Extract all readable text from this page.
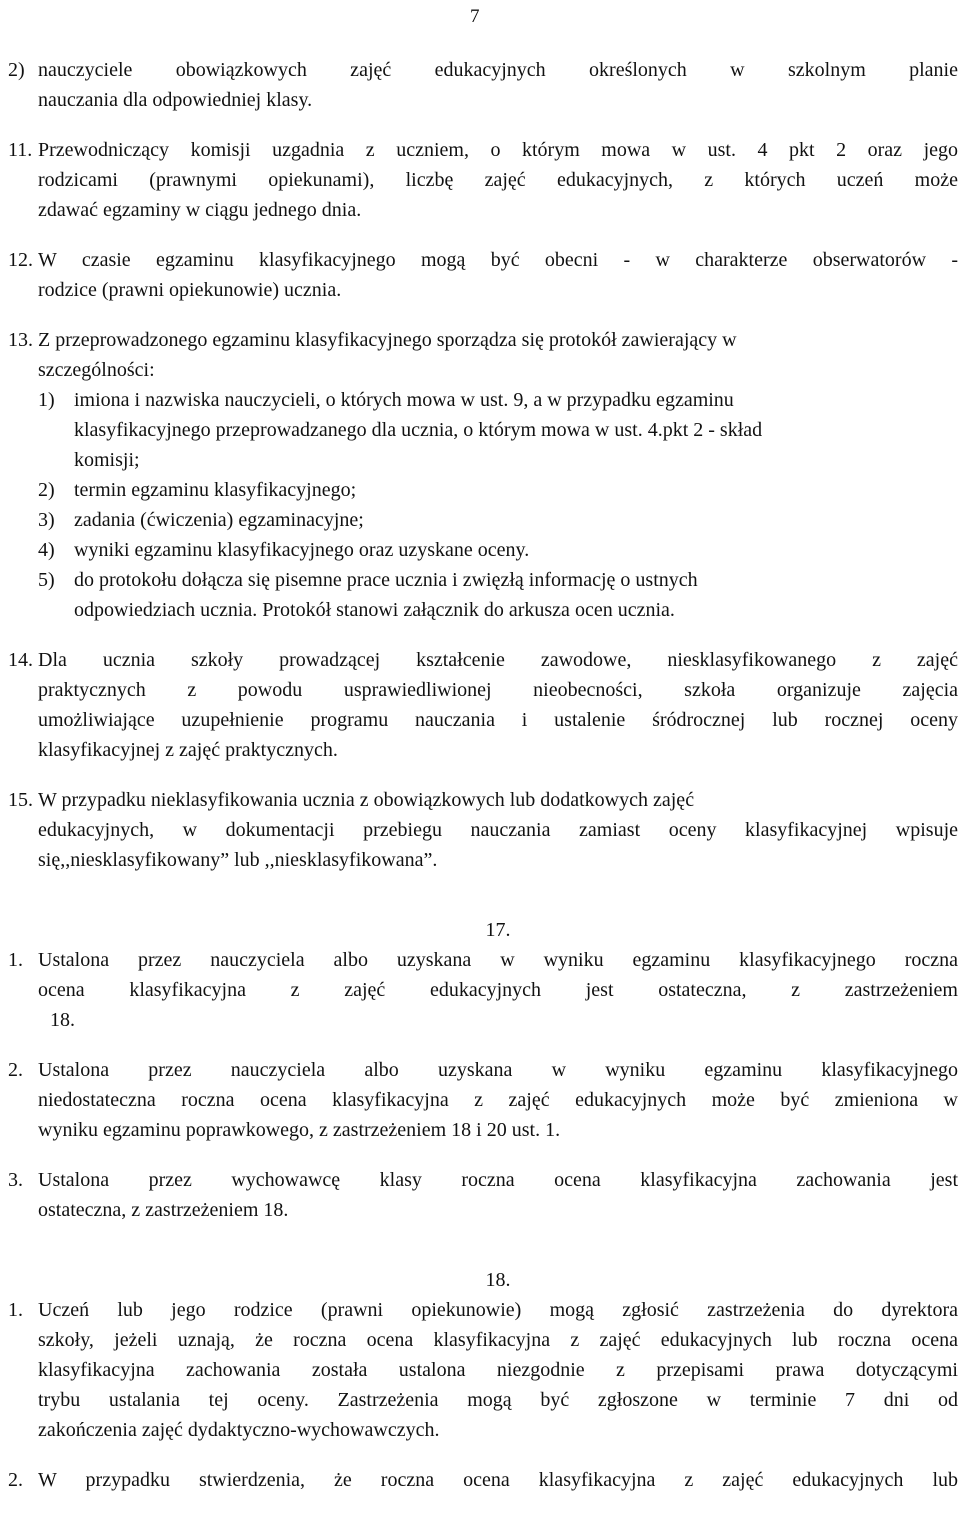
7
2) nauczyciele obowiązkowych zajęć edukacyjnych określonych w szkolnym planie
nauczania dla odpowiedniej klasy.
11. Przewodniczący komisji uzgadnia z uczniem, o którym mowa w ust. 4 pkt 2 oraz jego
rodzicami (prawnymi opiekunami), liczbę zajęć edukacyjnych, z których uczeń może
zdawać egzaminy w ciągu jednego dnia.
12. W czasie egzaminu klasyfikacyjnego mogą być obecni - w charakterze obserwatorów -
rodzice (prawni opiekunowie) ucznia.
13. Z przeprowadzonego egzaminu klasyfikacyjnego sporządza się protokół zawierający w
szczególności:
1) imiona i nazwiska nauczycieli, o których mowa w ust. 9, a w przypadku egzaminu
klasyfikacyjnego przeprowadzanego dla ucznia, o którym mowa w ust. 4.pkt 2 - skład
komisji;
2) termin egzaminu klasyfikacyjnego;
3) zadania (ćwiczenia) egzaminacyjne;
4) wyniki egzaminu klasyfikacyjnego oraz uzyskane oceny.
5) do protokołu dołącza się pisemne prace ucznia i zwięzłą informację o ustnych
odpowiedziach ucznia. Protokół stanowi załącznik do arkusza ocen ucznia.
14. Dla ucznia szkoły prowadzącej kształcenie zawodowe, niesklasyfikowanego z zajęć
praktycznych z powodu usprawiedliwionej nieobecności, szkoła organizuje zajęcia
umożliwiające uzupełnienie programu nauczania i ustalenie śródrocznej lub rocznej oceny
klasyfikacyjnej z zajęć praktycznych.
15. W przypadku nieklasyfikowania ucznia z obowiązkowych lub dodatkowych zajęć
edukacyjnych, w dokumentacji przebiegu nauczania zamiast oceny klasyfikacyjnej wpisuje
się,,niesklasyfikowany” lub ,,niesklasyfikowana”.
17.
1. Ustalona przez nauczyciela albo uzyskana w wyniku egzaminu klasyfikacyjnego roczna
ocena klasyfikacyjna z zajęć edukacyjnych jest ostateczna, z zastrzeżeniem
18.
2. Ustalona przez nauczyciela albo uzyskana w wyniku egzaminu klasyfikacyjnego
niedostateczna roczna ocena klasyfikacyjna z zajęć edukacyjnych może być zmieniona w
wyniku egzaminu poprawkowego, z zastrzeżeniem 18 i 20 ust. 1.
3. Ustalona przez wychowawcę klasy roczna ocena klasyfikacyjna zachowania jest
ostateczna, z zastrzeżeniem 18.
18.
1. Uczeń lub jego rodzice (prawni opiekunowie) mogą zgłosić zastrzeżenia do dyrektora
szkoły, jeżeli uznają, że roczna ocena klasyfikacyjna z zajęć edukacyjnych lub roczna ocena
klasyfikacyjna zachowania została ustalona niezgodnie z przepisami prawa dotyczącymi
trybu ustalania tej oceny. Zastrzeżenia mogą być zgłoszone w terminie 7 dni od
zakończenia zajęć dydaktyczno-wychowawczych.
2. W przypadku stwierdzenia, że roczna ocena klasyfikacyjna z zajęć edukacyjnych lub
